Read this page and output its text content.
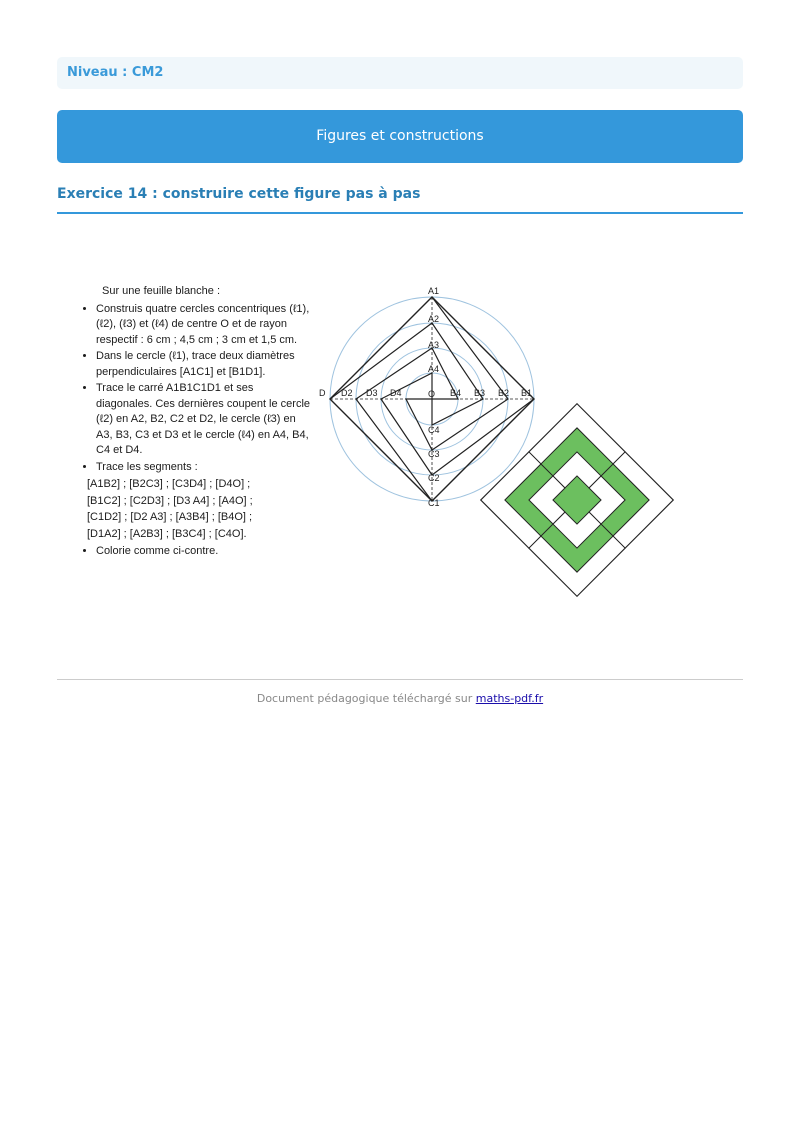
Niveau : CM2
Figures et constructions
Exercice 14 : construire cette figure pas à pas
Sur une feuille blanche :
• Construis quatre cercles concentriques (ℓ1), (ℓ2), (ℓ3) et (ℓ4) de centre O et de rayon respectif : 6 cm ; 4,5 cm ; 3 cm et 1,5 cm.
• Dans le cercle (ℓ1), trace deux diamètres perpendiculaires [A1C1] et [B1D1].
• Trace le carré A1B1C1D1 et ses diagonales. Ces dernières coupent le cercle (ℓ2) en A2, B2, C2 et D2, le cercle (ℓ3) en A3, B3, C3 et D3 et le cercle (ℓ4) en A4, B4, C4 et D4.
• Trace les segments :
[A1B2] ; [B2C3] ; [C3D4] ; [D4O] ;
[B1C2] ; [C2D3] ; [D3 A4] ; [A4O] ;
[C1D2] ; [D2 A3] ; [A3B4] ; [B4O] ;
[D1A2] ; [A2B3] ; [B3C4] ; [C4O].
• Colorie comme ci-contre.
A1
A2
A3
A4
O B4 B3 B2 B1
D D2 D3 D4
C4
C3
C2
C1
Document pédagogique téléchargé sur maths-pdf.fr
